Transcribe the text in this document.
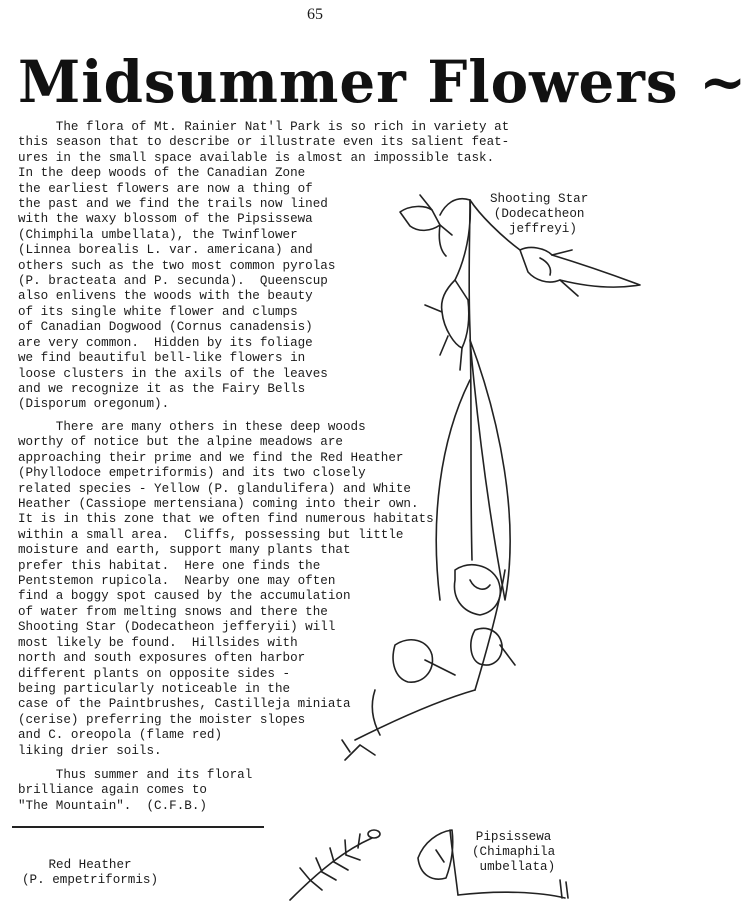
65
Midsummer Flowers ~
The flora of Mt. Rainier Nat'l Park is so rich in variety at
this season that to describe or illustrate even its salient feat-
ures in the small space available is almost an impossible task.
In the deep woods of the Canadian Zone
the earliest flowers are now a thing of
the past and we find the trails now lined
with the waxy blossom of the Pipsissewa
(Chimphila umbellata), the Twinflower
(Linnea borealis L. var. americana) and
others such as the two most common pyrolas
(P. bracteata and P. secunda).  Queenscup
also enlivens the woods with the beauty
of its single white flower and clumps
of Canadian Dogwood (Cornus canadensis)
are very common.  Hidden by its foliage
we find beautiful bell-like flowers in
loose clusters in the axils of the leaves
and we recognize it as the Fairy Bells
(Disporum oregonum).
There are many others in these deep woods
worthy of notice but the alpine meadows are
approaching their prime and we find the Red Heather
(Phyllodoce empetriformis) and its two closely
related species - Yellow (P. glandulifera) and White
Heather (Cassiope mertensiana) coming into their own.
It is in this zone that we often find numerous habitats
within a small area.  Cliffs, possessing but little
moisture and earth, support many plants that
prefer this habitat.  Here one finds the
Pentstemon rupicola.  Nearby one may often
find a boggy spot caused by the accumulation
of water from melting snows and there the
Shooting Star (Dodecatheon jefferyii) will
most likely be found.  Hillsides with
north and south exposures often harbor
different plants on opposite sides -
being particularly noticeable in the
case of the Paintbrushes, Castilleja miniata
(cerise) preferring the moister slopes
and C. oreopola (flame red)
liking drier soils.
Thus summer and its floral
brilliance again comes to
"The Mountain".  (C.F.B.)
Shooting Star
(Dodecatheon
jeffreyi)
Pipsissewa
(Chimaphila
umbellata)
Red Heather
(P. empetriformis)
